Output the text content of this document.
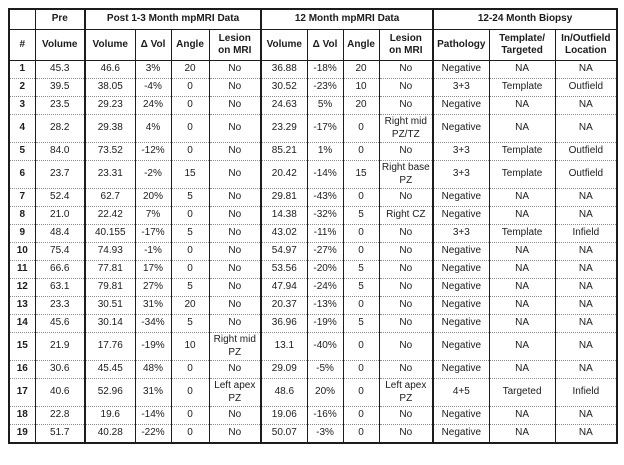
	Pre	Post 1-3 Month mpMRI Data				12 Month mpMRI Data				12-24 Month Biopsy		
#	Volume	Volume	Δ Vol	Angle	Lesion on MRI	Volume	Δ Vol	Angle	Lesion on MRI	Pathology	Template/ Targeted	In/Outfield Location
1	45.3	46.6	3%	20	No	36.88	-18%	20	No	Negative	NA	NA
2	39.5	38.05	-4%	0	No	30.52	-23%	10	No	3+3	Template	Outfield
3	23.5	29.23	24%	0	No	24.63	5%	20	No	Negative	NA	NA
4	28.2	29.38	4%	0	No	23.29	-17%	0	Right mid PZ/TZ	Negative	NA	NA
5	84.0	73.52	-12%	0	No	85.21	1%	0	No	3+3	Template	Outfield
6	23.7	23.31	-2%	15	No	20.42	-14%	15	Right base PZ	3+3	Template	Outfield
7	52.4	62.7	20%	5	No	29.81	-43%	0	No	Negative	NA	NA
8	21.0	22.42	7%	0	No	14.38	-32%	5	Right CZ	Negative	NA	NA
9	48.4	40.155	-17%	5	No	43.02	-11%	0	No	3+3	Template	Infield
10	75.4	74.93	-1%	0	No	54.97	-27%	0	No	Negative	NA	NA
11	66.6	77.81	17%	0	No	53.56	-20%	5	No	Negative	NA	NA
12	63.1	79.81	27%	5	No	47.94	-24%	5	No	Negative	NA	NA
13	23.3	30.51	31%	20	No	20.37	-13%	0	No	Negative	NA	NA
14	45.6	30.14	-34%	5	No	36.96	-19%	5	No	Negative	NA	NA
15	21.9	17.76	-19%	10	Right mid PZ	13.1	-40%	0	No	Negative	NA	NA
16	30.6	45.45	48%	0	No	29.09	-5%	0	No	Negative	NA	NA
17	40.6	52.96	31%	0	Left apex PZ	48.6	20%	0	Left apex PZ	4+5	Targeted	Infield
18	22.8	19.6	-14%	0	No	19.06	-16%	0	No	Negative	NA	NA
19	51.7	40.28	-22%	0	No	50.07	-3%	0	No	Negative	NA	NA
